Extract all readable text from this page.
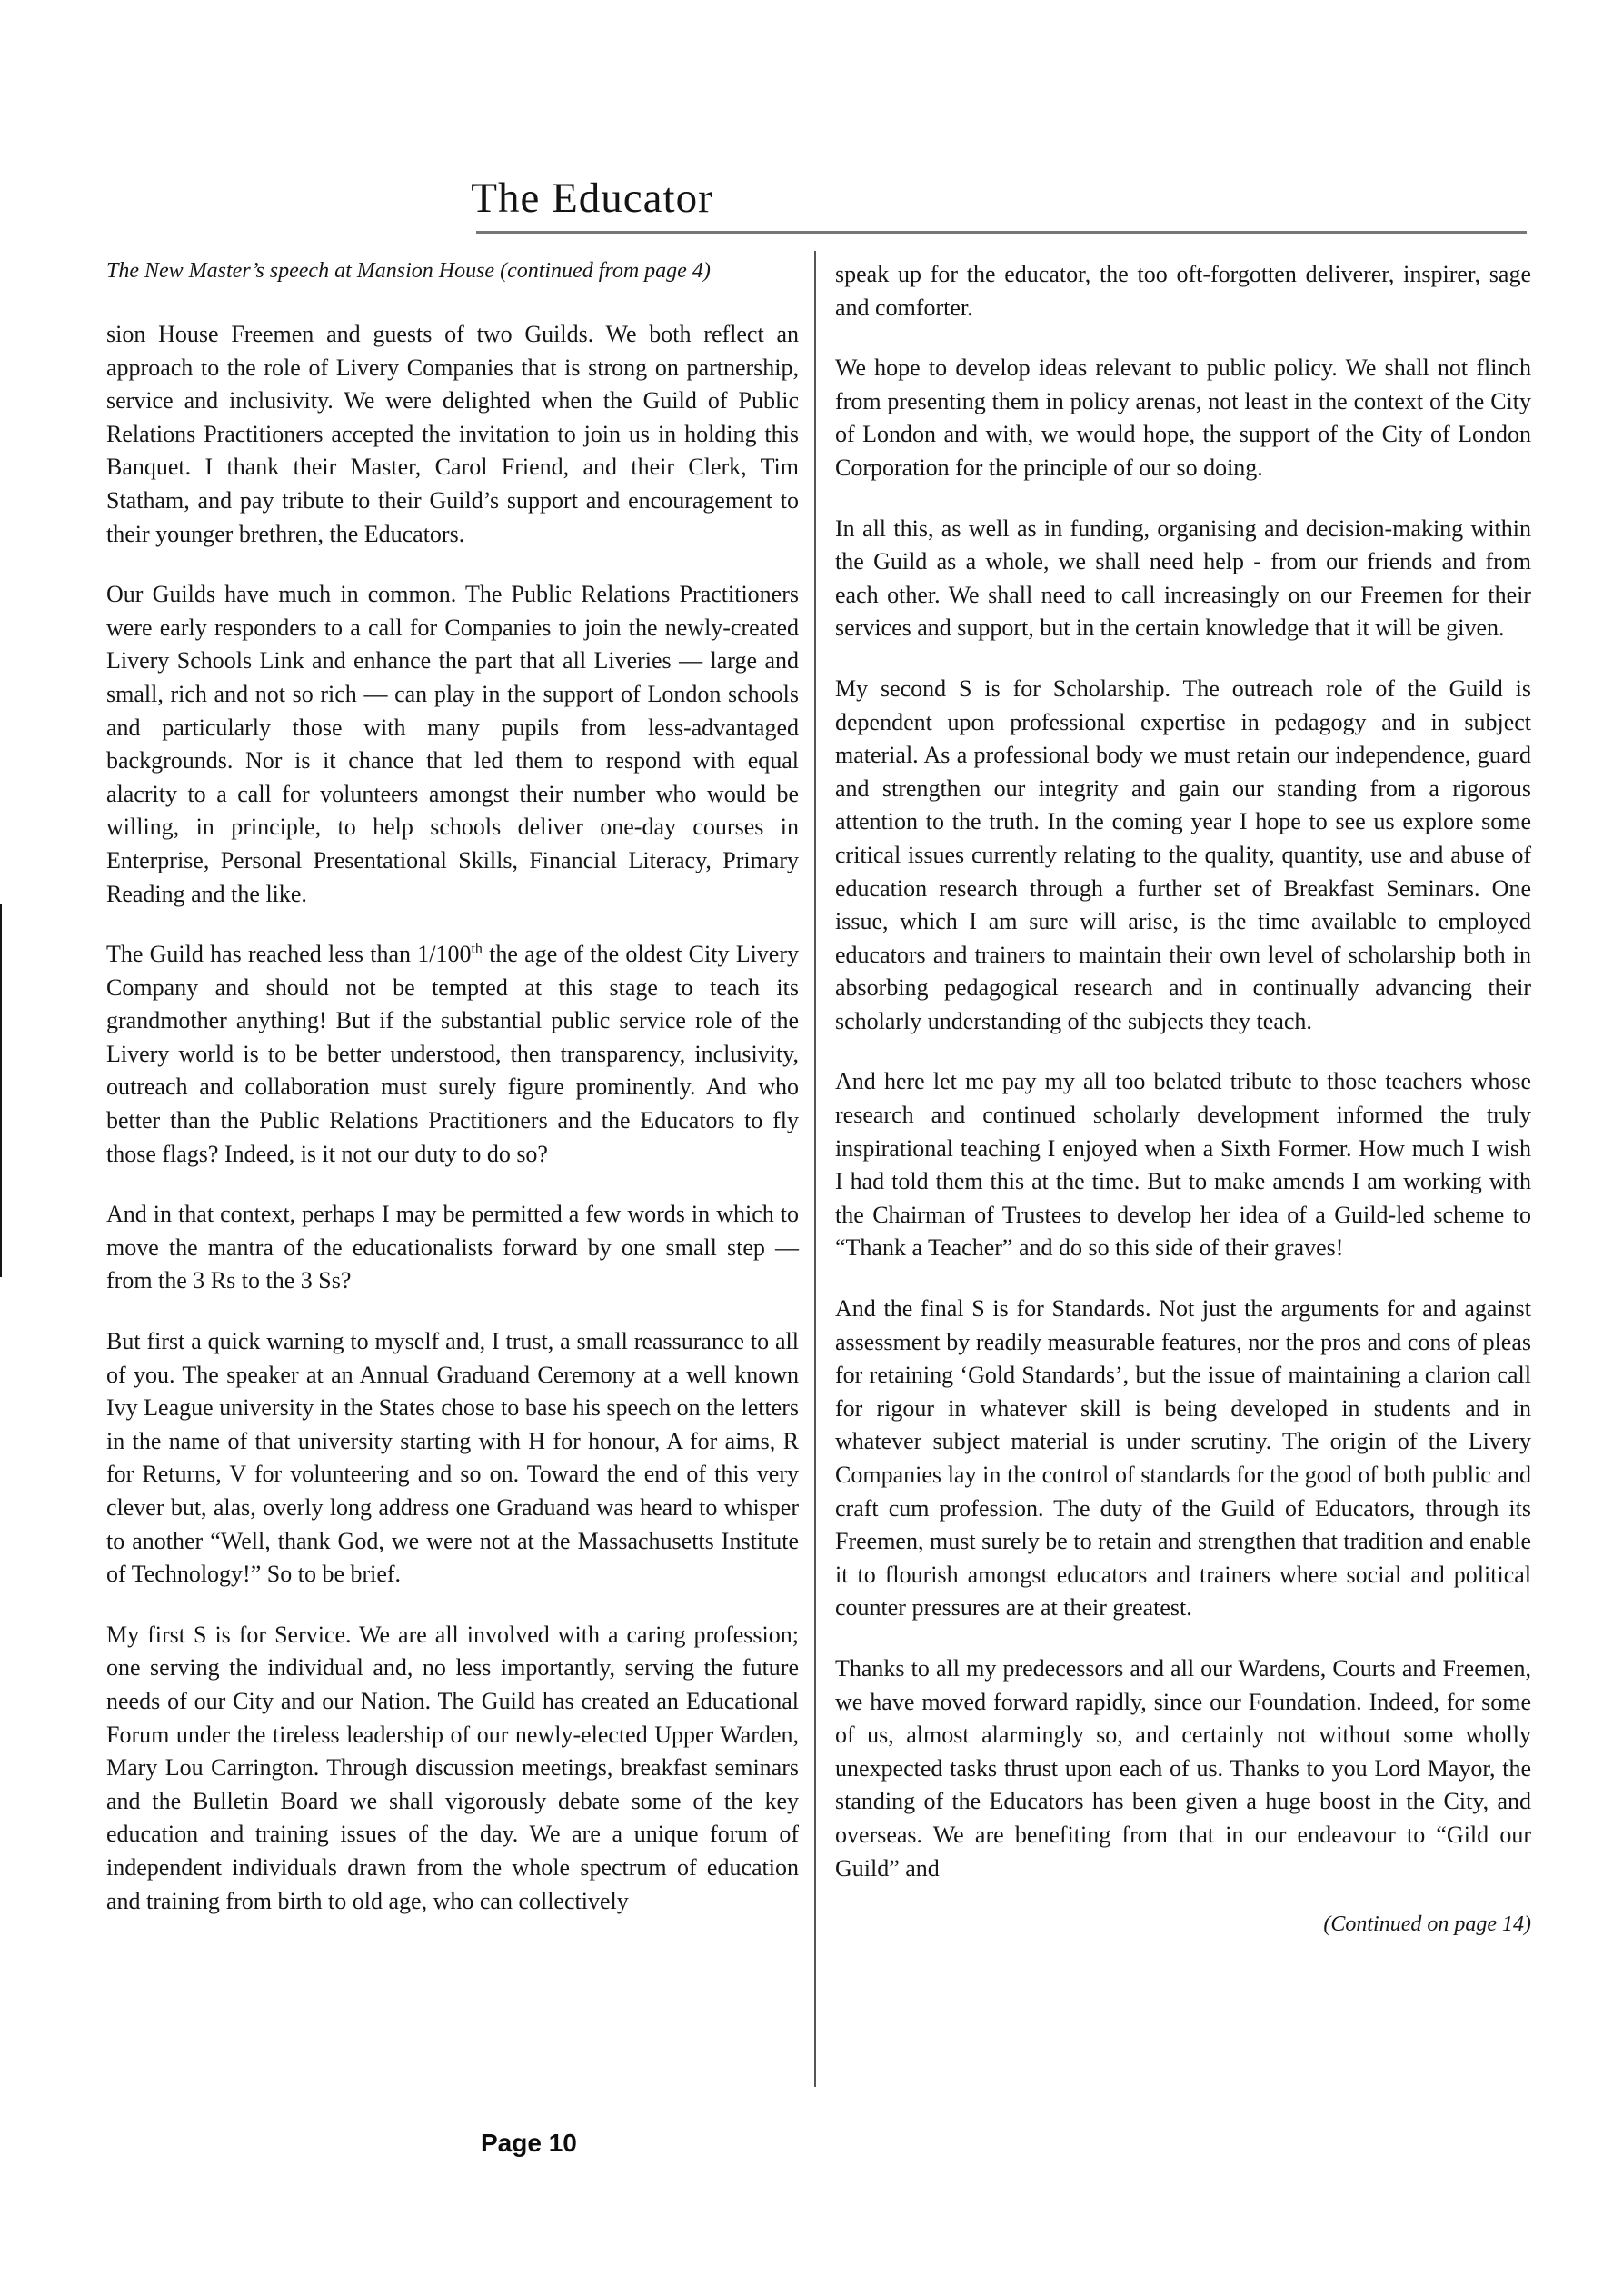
The Educator

The New Master’s speech at Mansion House (continued from page 4)

sion House Freemen and guests of two Guilds. We both reflect an approach to the role of Livery Companies that is strong on partnership, service and inclusivity. We were delighted when the Guild of Public Relations Practitioners accepted the invitation to join us in holding this Banquet. I thank their Master, Carol Friend, and their Clerk, Tim Statham, and pay tribute to their Guild’s support and encouragement to their younger brethren, the Educators.

Our Guilds have much in common. The Public Relations Practitioners were early responders to a call for Companies to join the newly-created Livery Schools Link and enhance the part that all Liveries — large and small, rich and not so rich — can play in the support of London schools and particularly those with many pupils from less-advantaged backgrounds. Nor is it chance that led them to respond with equal alacrity to a call for volunteers amongst their number who would be willing, in principle, to help schools deliver one-day courses in Enterprise, Personal Presentational Skills, Financial Literacy, Primary Reading and the like.

The Guild has reached less than 1/100th the age of the oldest City Livery Company and should not be tempted at this stage to teach its grandmother anything! But if the substantial public service role of the Livery world is to be better understood, then transparency, inclusivity, outreach and collaboration must surely figure prominently. And who better than the Public Relations Practitioners and the Educators to fly those flags? Indeed, is it not our duty to do so?

And in that context, perhaps I may be permitted a few words in which to move the mantra of the educationalists forward by one small step — from the 3 Rs to the 3 Ss?

But first a quick warning to myself and, I trust, a small reassurance to all of you. The speaker at an Annual Graduand Ceremony at a well known Ivy League university in the States chose to base his speech on the letters in the name of that university starting with H for honour, A for aims, R for Returns, V for volunteering and so on. Toward the end of this very clever but, alas, overly long address one Graduand was heard to whisper to another “Well, thank God, we were not at the Massachusetts Institute of Technology!” So to be brief.

My first S is for Service. We are all involved with a caring profession; one serving the individual and, no less importantly, serving the future needs of our City and our Nation. The Guild has created an Educational Forum under the tireless leadership of our newly-elected Upper Warden, Mary Lou Carrington. Through discussion meetings, breakfast seminars and the Bulletin Board we shall vigorously debate some of the key education and training issues of the day. We are a unique forum of independent individuals drawn from the whole spectrum of education and training from birth to old age, who can collectively

speak up for the educator, the too oft-forgotten deliverer, inspirer, sage and comforter.

We hope to develop ideas relevant to public policy. We shall not flinch from presenting them in policy arenas, not least in the context of the City of London and with, we would hope, the support of the City of London Corporation for the principle of our so doing.

In all this, as well as in funding, organising and decision-making within the Guild as a whole, we shall need help - from our friends and from each other. We shall need to call increasingly on our Freemen for their services and support, but in the certain knowledge that it will be given.

My second S is for Scholarship. The outreach role of the Guild is dependent upon professional expertise in pedagogy and in subject material. As a professional body we must retain our independence, guard and strengthen our integrity and gain our standing from a rigorous attention to the truth. In the coming year I hope to see us explore some critical issues currently relating to the quality, quantity, use and abuse of education research through a further set of Breakfast Seminars. One issue, which I am sure will arise, is the time available to employed educators and trainers to maintain their own level of scholarship both in absorbing pedagogical research and in continually advancing their scholarly understanding of the subjects they teach.

And here let me pay my all too belated tribute to those teachers whose research and continued scholarly development informed the truly inspirational teaching I enjoyed when a Sixth Former. How much I wish I had told them this at the time. But to make amends I am working with the Chairman of Trustees to develop her idea of a Guild-led scheme to “Thank a Teacher” and do so this side of their graves!

And the final S is for Standards. Not just the arguments for and against assessment by readily measurable features, nor the pros and cons of pleas for retaining ‘Gold Standards’, but the issue of maintaining a clarion call for rigour in whatever skill is being developed in students and in whatever subject material is under scrutiny. The origin of the Livery Companies lay in the control of standards for the good of both public and craft cum profession. The duty of the Guild of Educators, through its Freemen, must surely be to retain and strengthen that tradition and enable it to flourish amongst educators and trainers where social and political counter pressures are at their greatest.

Thanks to all my predecessors and all our Wardens, Courts and Freemen, we have moved forward rapidly, since our Foundation. Indeed, for some of us, almost alarmingly so, and certainly not without some wholly unexpected tasks thrust upon each of us. Thanks to you Lord Mayor, the standing of the Educators has been given a huge boost in the City, and overseas. We are benefiting from that in our endeavour to “Gild our Guild” and

(Continued on page 14)

Page 10
